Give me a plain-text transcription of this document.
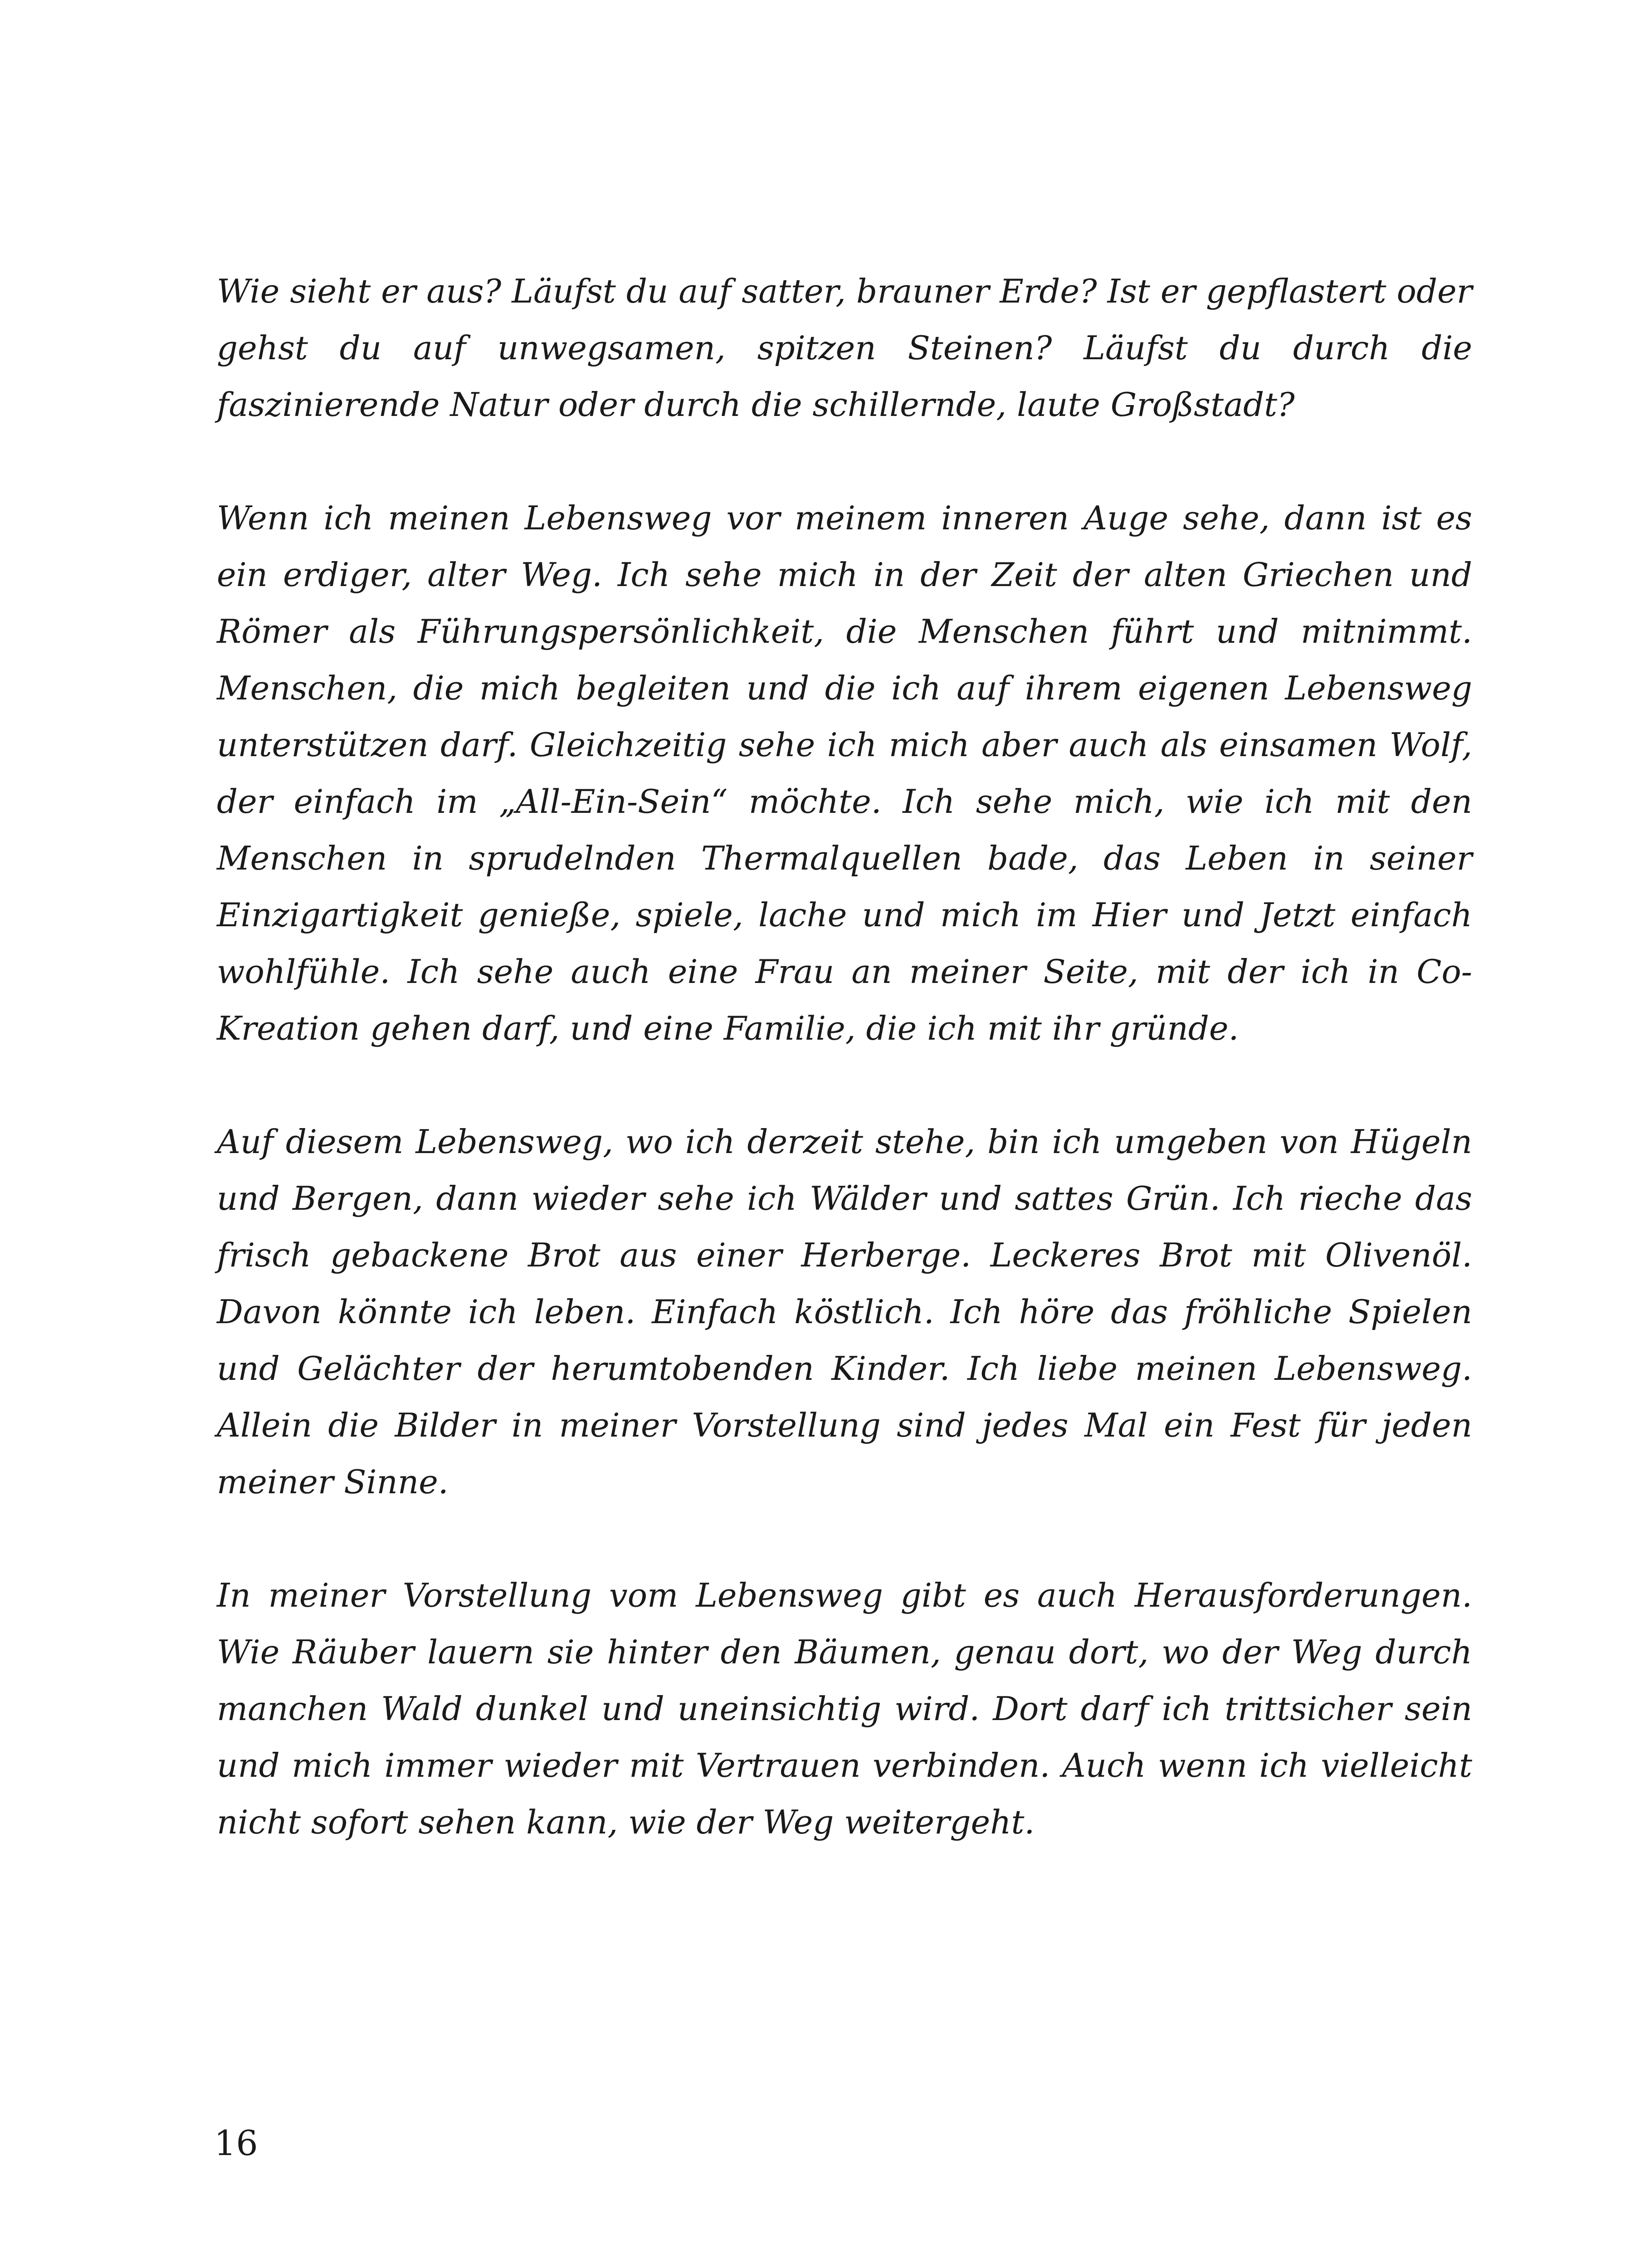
Wie sieht er aus? Läufst du auf satter, brauner Erde? Ist er gepflastert oder gehst du auf unwegsamen, spitzen Steinen? Läufst du durch die faszinierende Natur oder durch die schillernde, laute Großstadt?

Wenn ich meinen Lebensweg vor meinem inneren Auge sehe, dann ist es ein erdiger, alter Weg. Ich sehe mich in der Zeit der alten Griechen und Römer als Führungspersönlichkeit, die Menschen führt und mitnimmt. Menschen, die mich begleiten und die ich auf ihrem eigenen Lebensweg unterstützen darf. Gleichzeitig sehe ich mich aber auch als einsamen Wolf, der einfach im „All-Ein-Sein“ möchte. Ich sehe mich, wie ich mit den Menschen in sprudelnden Thermalquellen bade, das Leben in seiner Einzigartigkeit genieße, spiele, lache und mich im Hier und Jetzt einfach wohlfühle. Ich sehe auch eine Frau an meiner Seite, mit der ich in Co-Kreation gehen darf, und eine Familie, die ich mit ihr gründe.

Auf diesem Lebensweg, wo ich derzeit stehe, bin ich umgeben von Hügeln und Bergen, dann wieder sehe ich Wälder und sattes Grün. Ich rieche das frisch gebackene Brot aus einer Herberge. Leckeres Brot mit Olivenöl. Davon könnte ich leben. Einfach köstlich. Ich höre das fröhliche Spielen und Gelächter der herumtobenden Kinder. Ich liebe meinen Lebensweg. Allein die Bilder in meiner Vorstellung sind jedes Mal ein Fest für jeden meiner Sinne.

In meiner Vorstellung vom Lebensweg gibt es auch Herausforderungen. Wie Räuber lauern sie hinter den Bäumen, genau dort, wo der Weg durch manchen Wald dunkel und uneinsichtig wird. Dort darf ich trittsicher sein und mich immer wieder mit Vertrauen verbinden. Auch wenn ich vielleicht nicht sofort sehen kann, wie der Weg weitergeht.

16
